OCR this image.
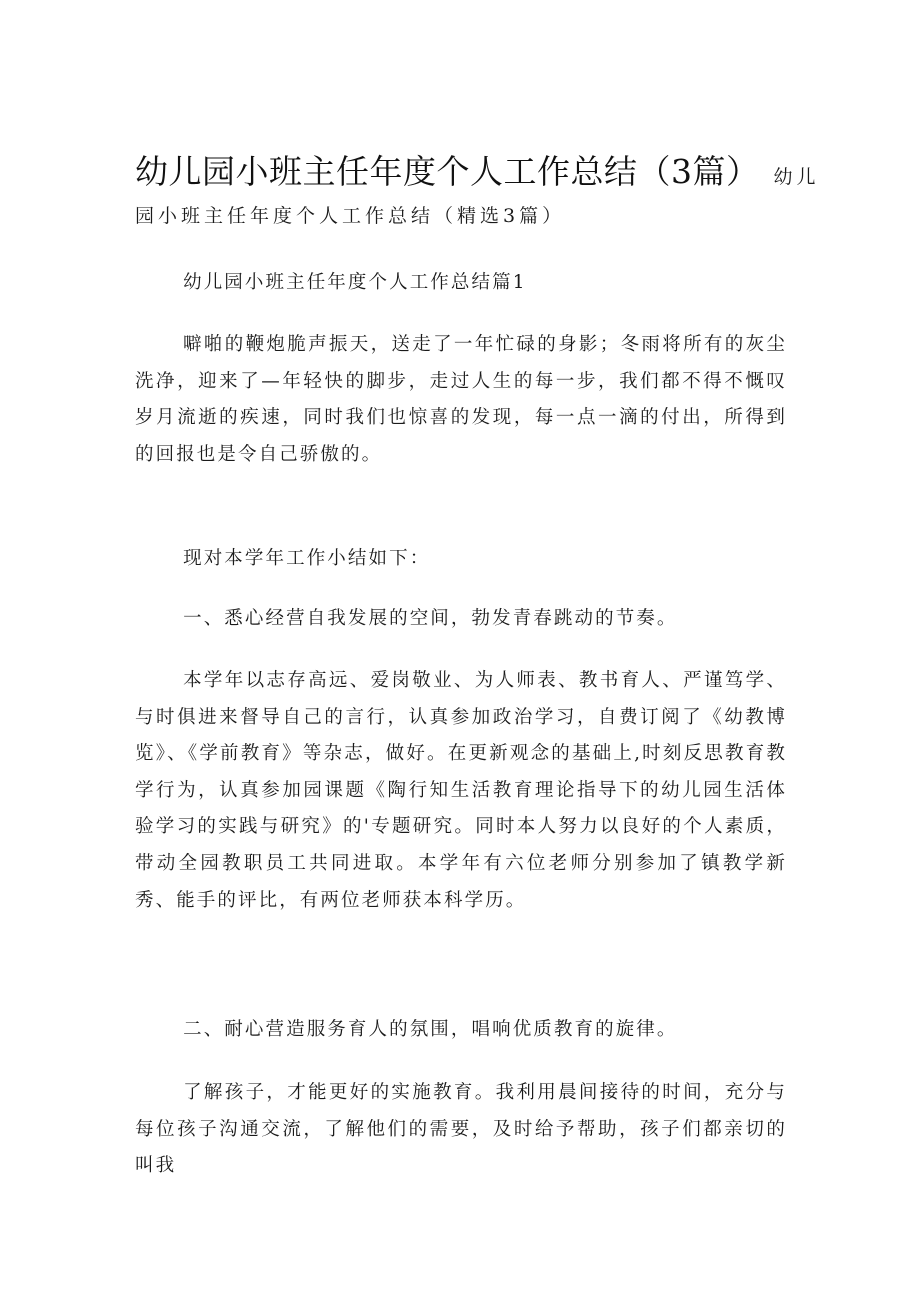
幼儿园小班主任年度个人工作总结（3篇） 幼儿
园小班主任年度个人工作总结（精选3篇）

幼儿园小班主任年度个人工作总结篇1

噼啪的鞭炮脆声振天，送走了一年忙碌的身影；冬雨将所有的灰尘洗净，迎来了—年轻快的脚步，走过人生的每一步，我们都不得不慨叹岁月流逝的疾速，同时我们也惊喜的发现，每一点一滴的付出，所得到的回报也是令自己骄傲的。

现对本学年工作小结如下：

一、悉心经营自我发展的空间，勃发青春跳动的节奏。

本学年以志存高远、爱岗敬业、为人师表、教书育人、严谨笃学、与时俱进来督导自己的言行，认真参加政治学习，自费订阅了《幼教博览》、《学前教育》等杂志，做好。在更新观念的基础上,时刻反思教育教学行为，认真参加园课题《陶行知生活教育理论指导下的幼儿园生活体验学习的实践与研究》的'专题研究。同时本人努力以良好的个人素质，带动全园教职员工共同进取。本学年有六位老师分别参加了镇教学新秀、能手的评比，有两位老师获本科学历。

二、耐心营造服务育人的氛围，唱响优质教育的旋律。

了解孩子，才能更好的实施教育。我利用晨间接待的时间，充分与每位孩子沟通交流，了解他们的需要，及时给予帮助，孩子们都亲切的叫我
